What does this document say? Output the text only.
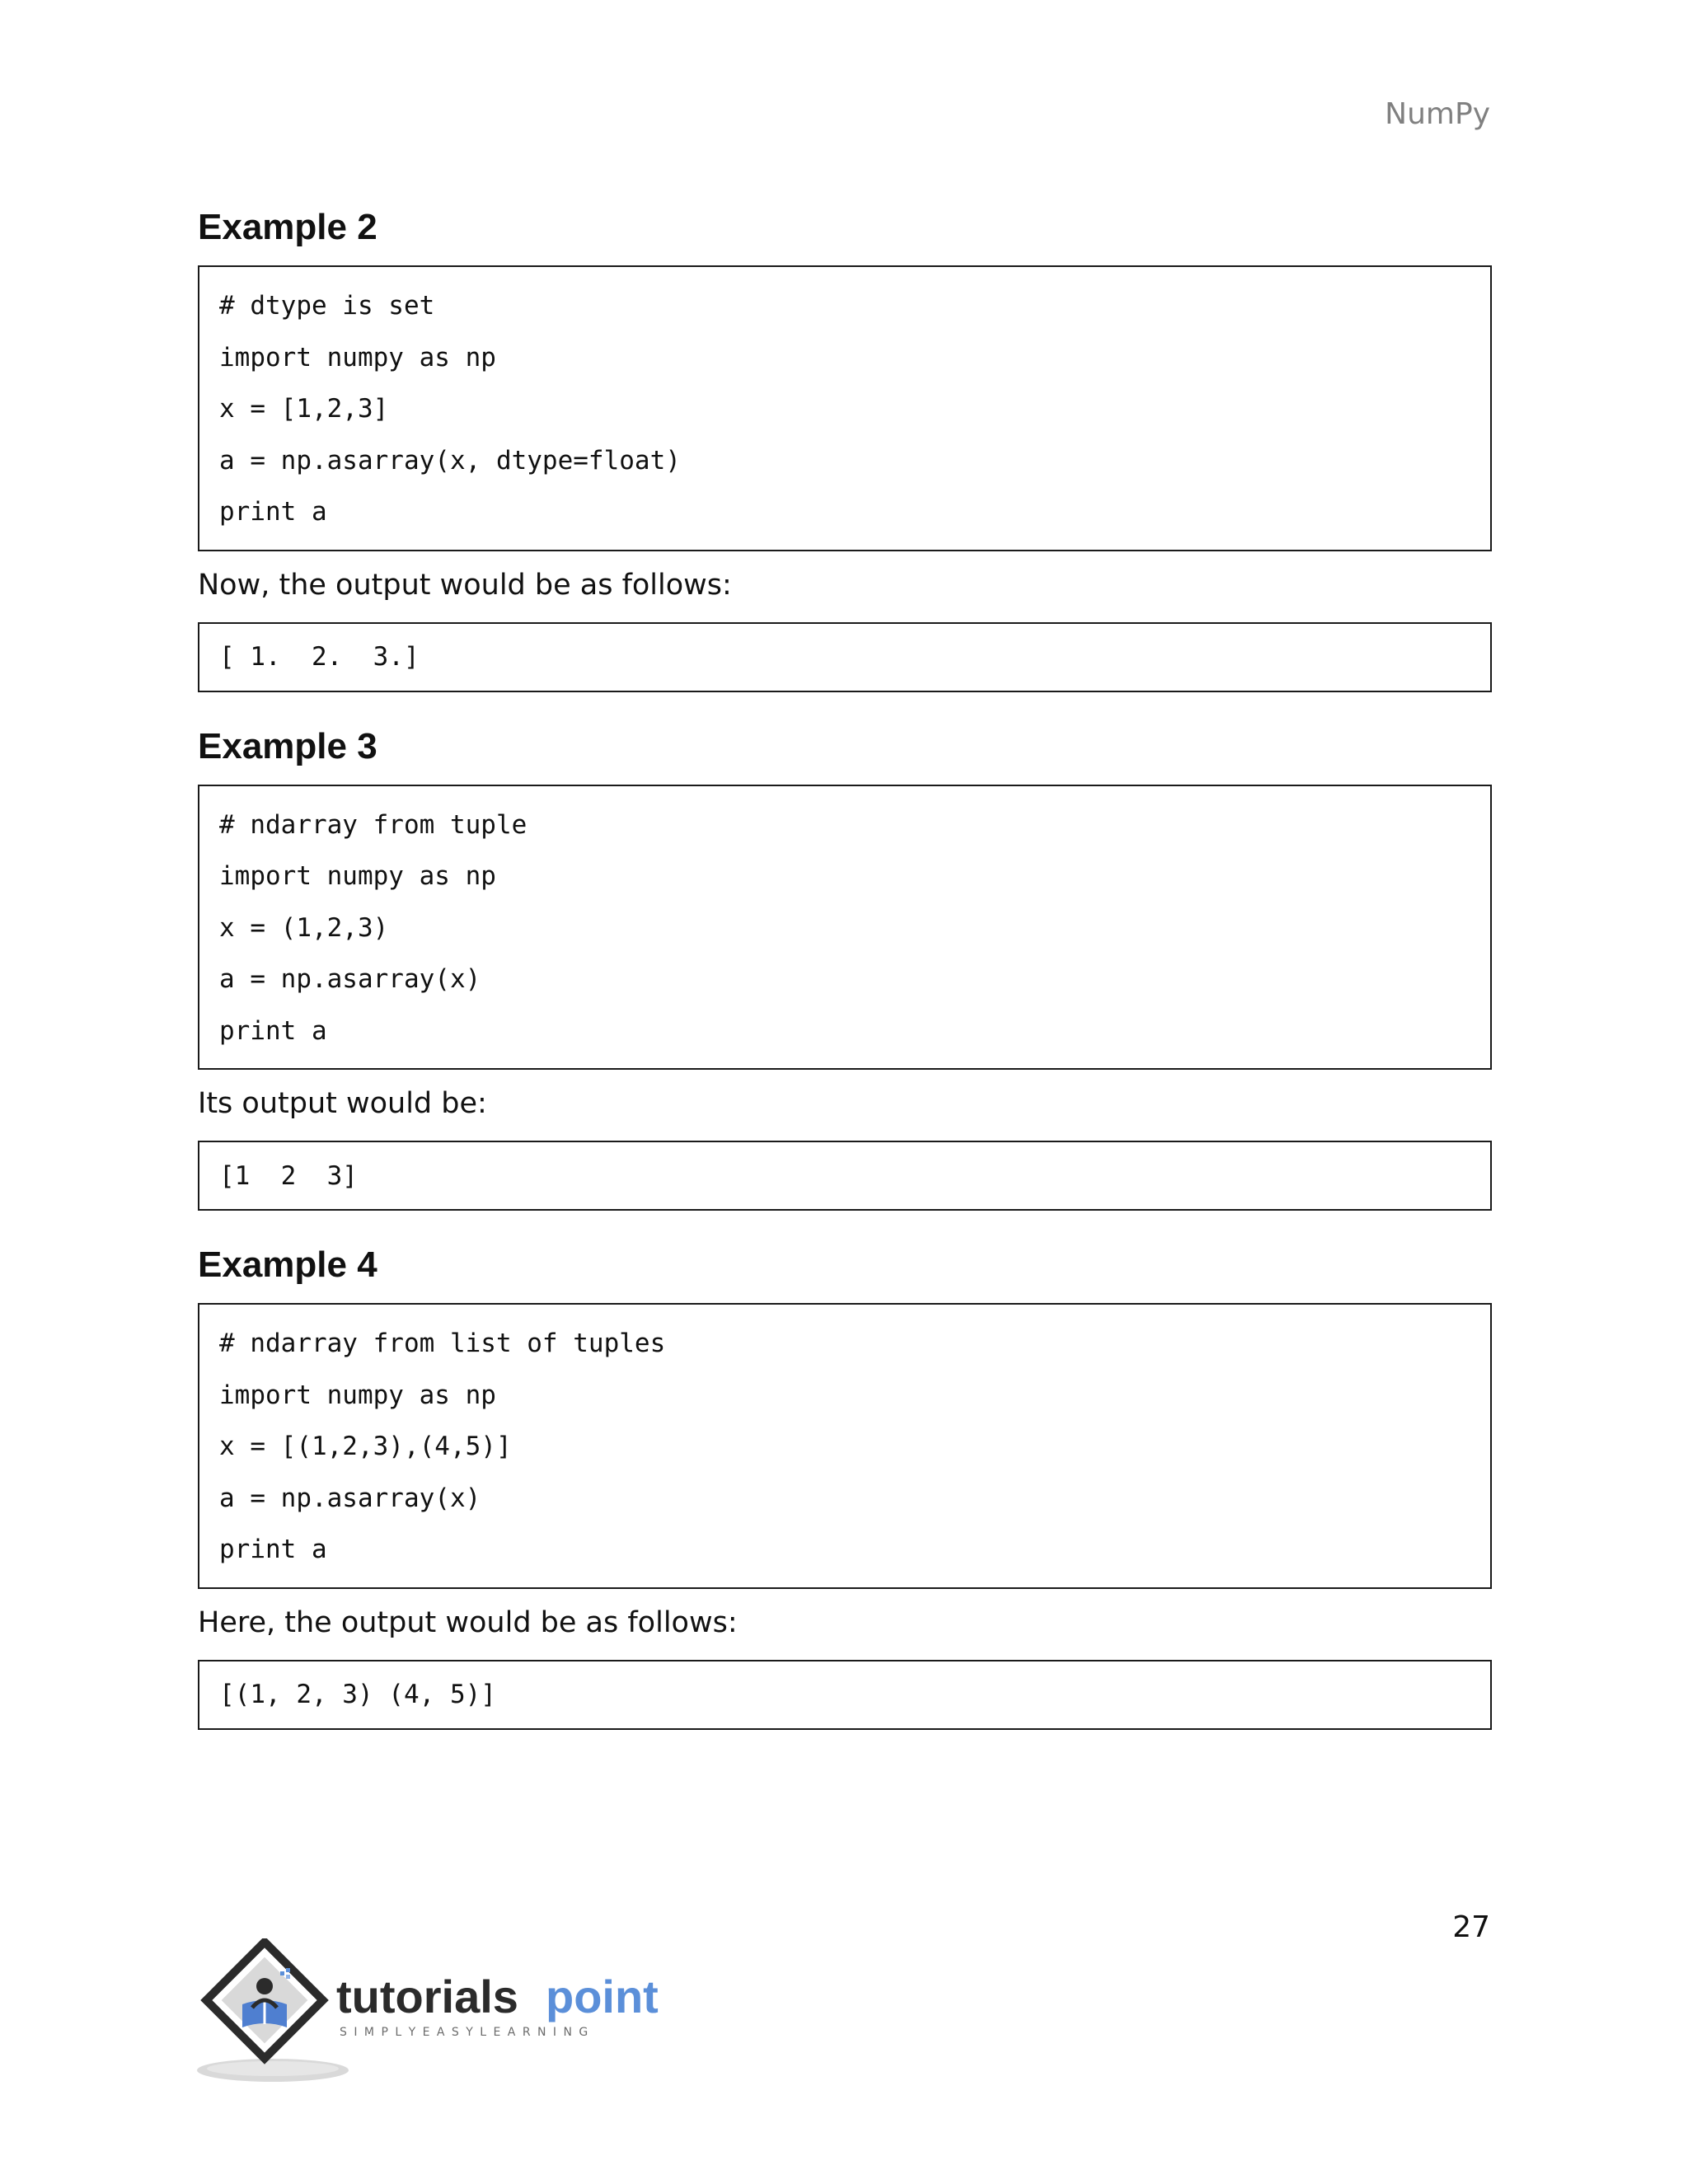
NumPy
Example 2
# dtype is set
import numpy as np
x = [1,2,3]
a = np.asarray(x, dtype=float)
print a

Now, the output would be as follows:

[ 1.  2.  3.]
Example 3
# ndarray from tuple
import numpy as np
x = (1,2,3)
a = np.asarray(x)
print a

Its output would be:

[1  2  3]
Example 4
# ndarray from list of tuples
import numpy as np
x = [(1,2,3),(4,5)]
a = np.asarray(x)
print a

Here, the output would be as follows:

[(1, 2, 3) (4, 5)]
27
tutorials point
S I M P L Y E A S Y L E A R N I N G
